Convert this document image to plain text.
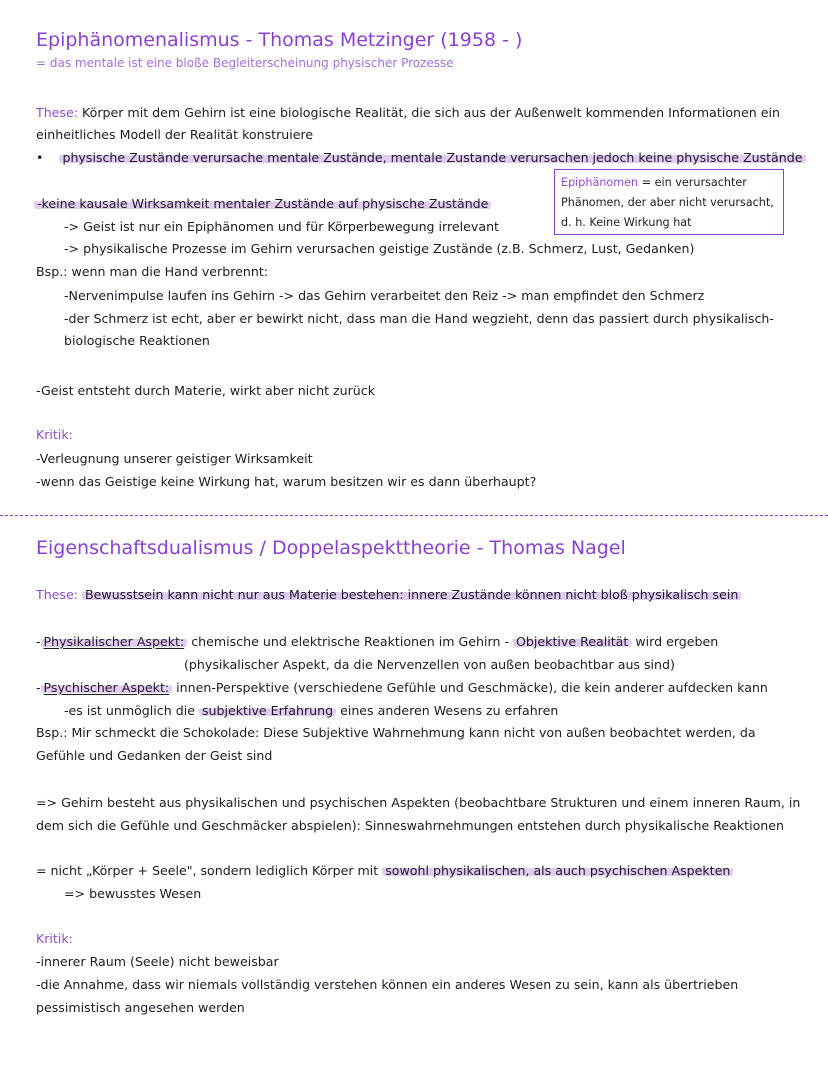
Epiphänomenalismus - Thomas Metzinger (1958 - )
= das mentale ist eine bloße Begleiterscheinung physischer Prozesse
These: Körper mit dem Gehirn ist eine biologische Realität, die sich aus der Außenwelt kommenden Informationen ein
einheitliches Modell der Realität konstruiere
• physische Zustände verursache mentale Zustände, mentale Zustande verursachen jedoch keine physische Zustände
Epiphänomen = ein verursachter Phänomen, der aber nicht verursacht, d. h. Keine Wirkung hat
-keine kausale Wirksamkeit mentaler Zustände auf physische Zustände
-> Geist ist nur ein Epiphänomen und für Körperbewegung irrelevant
-> physikalische Prozesse im Gehirn verursachen geistige Zustände (z.B. Schmerz, Lust, Gedanken)
Bsp.: wenn man die Hand verbrennt:
-Nervenimpulse laufen ins Gehirn -> das Gehirn verarbeitet den Reiz -> man empfindet den Schmerz
-der Schmerz ist echt, aber er bewirkt nicht, dass man die Hand wegzieht, denn das passiert durch physikalisch-
biologische Reaktionen
-Geist entsteht durch Materie, wirkt aber nicht zurück
Kritik:
-Verleugnung unserer geistiger Wirksamkeit
-wenn das Geistige keine Wirkung hat, warum besitzen wir es dann überhaupt?
Eigenschaftsdualismus / Doppelaspekttheorie - Thomas Nagel
These: Bewusstsein kann nicht nur aus Materie bestehen: innere Zustände können nicht bloß physikalisch sein
- Physikalischer Aspekt: chemische und elektrische Reaktionen im Gehirn - Objektive Realität wird ergeben
(physikalischer Aspekt, da die Nervenzellen von außen beobachtbar aus sind)
- Psychischer Aspekt: innen-Perspektive (verschiedene Gefühle und Geschmäcke), die kein anderer aufdecken kann
-es ist unmöglich die subjektive Erfahrung eines anderen Wesens zu erfahren
Bsp.: Mir schmeckt die Schokolade: Diese Subjektive Wahrnehmung kann nicht von außen beobachtet werden, da
Gefühle und Gedanken der Geist sind
=> Gehirn besteht aus physikalischen und psychischen Aspekten (beobachtbare Strukturen und einem inneren Raum, in
dem sich die Gefühle und Geschmäcker abspielen): Sinneswahrnehmungen entstehen durch physikalische Reaktionen
= nicht „Körper + Seele", sondern lediglich Körper mit sowohl physikalischen, als auch psychischen Aspekten
=> bewusstes Wesen
Kritik:
-innerer Raum (Seele) nicht beweisbar
-die Annahme, dass wir niemals vollständig verstehen können ein anderes Wesen zu sein, kann als übertrieben
pessimistisch angesehen werden
